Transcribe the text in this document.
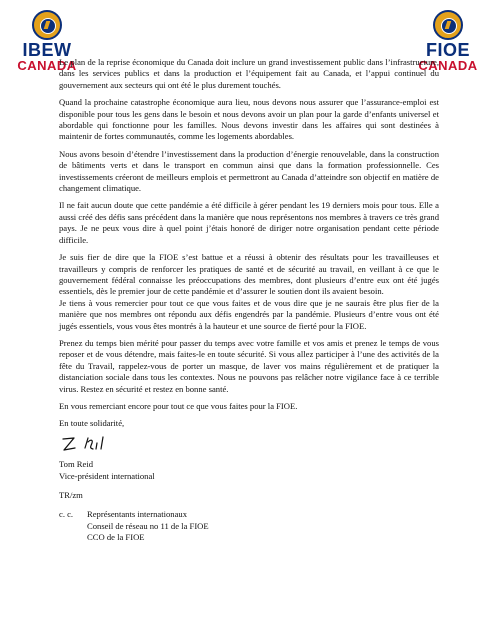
IBEW
CANADA
FIOE
CANADA

Le plan de la reprise économique du Canada doit inclure un grand investissement public dans l’infrastructure, dans les services publics et dans la production et l’équipement fait au Canada, et l’appui continuel du gouvernement aux secteurs qui ont été le plus durement touchés.

Quand la prochaine catastrophe économique aura lieu, nous devons nous assurer que l’assurance-emploi est disponible pour tous les gens dans le besoin et nous devons avoir un plan pour la garde d’enfants universel et abordable qui fonctionne pour les familles. Nous devons investir dans les affaires qui sont destinées à maintenir de fortes communautés, comme les logements abordables.

Nous avons besoin d’étendre l’investissement dans la production d’énergie renouvelable, dans la construction de bâtiments verts et dans le transport en commun ainsi que dans la formation professionnelle. Ces investissements créeront de meilleurs emplois et permettront au Canada d’atteindre son objectif en matière de changement climatique.

Il ne fait aucun doute que cette pandémie a été difficile à gérer pendant les 19 derniers mois pour tous. Elle a aussi créé des défis sans précédent dans la manière que nous représentons nos membres à travers ce très grand pays. Je ne peux vous dire à quel point j’étais honoré de diriger notre organisation pendant cette période difficile.

Je suis fier de dire que la FIOE s’est battue et a réussi à obtenir des résultats pour les travailleuses et travailleurs y compris de renforcer les pratiques de santé et de sécurité au travail, en veillant à ce que le gouvernement fédéral connaisse les préoccupations des membres, dont plusieurs d’entre eux ont été jugés essentiels, dès le premier jour de cette pandémie et d’assurer le soutien dont ils avaient besoin.

Je tiens à vous remercier pour tout ce que vous faites et de vous dire que je ne saurais être plus fier de la manière que nos membres ont répondu aux défis engendrés par la pandémie. Plusieurs d’entre vous ont été jugés essentiels, vous vous êtes montrés à la hauteur et une source de fierté pour la FIOE.

Prenez du temps bien mérité pour passer du temps avec votre famille et vos amis et prenez le temps de vous reposer et de vous détendre, mais faites-le en toute sécurité. Si vous allez participer à l’une des activités de la fête du Travail, rappelez-vous de porter un masque, de laver vos mains régulièrement et de pratiquer la distanciation sociale dans tous les contextes. Nous ne pouvons pas relâcher notre vigilance face à ce terrible virus. Restez en sécurité et restez en bonne santé.

En vous remerciant encore pour tout ce que vous faites pour la FIOE.

En toute solidarité,
Tom Reid
Vice-président international
TR/zm
c. c.	Représentants internationaux
Conseil de réseau no 11 de la FIOE
CCO de la FIOE
